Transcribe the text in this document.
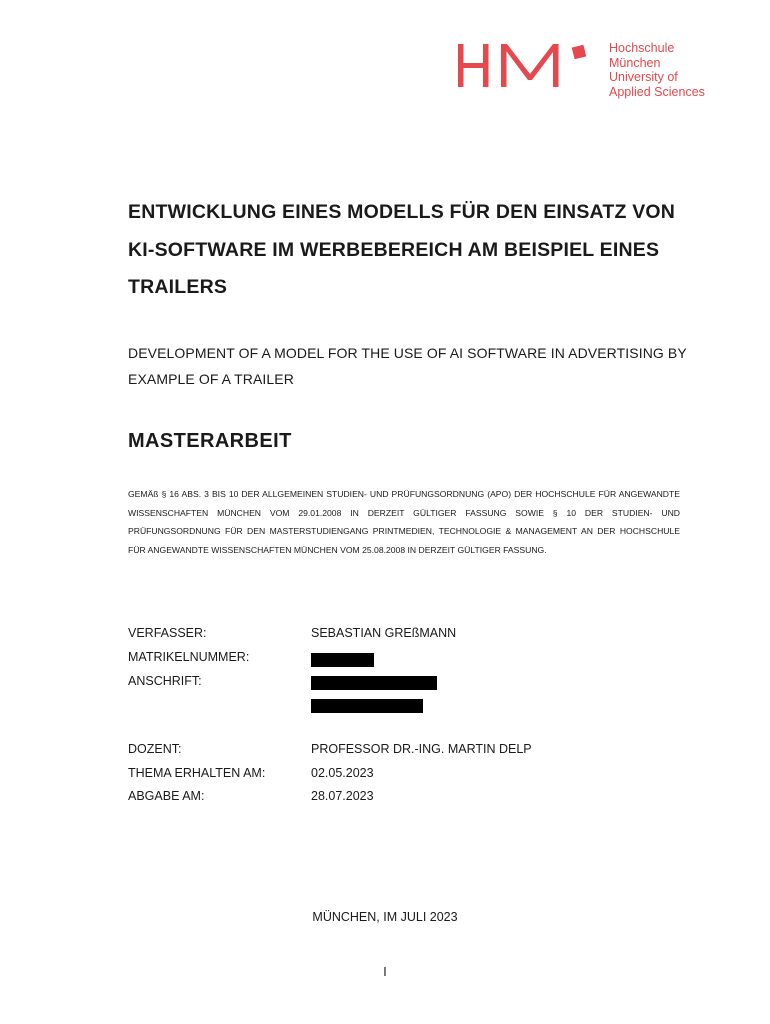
Hochschule
München
University of
Applied Sciences
ENTWICKLUNG EINES MODELLS FÜR DEN EINSATZ VON KI-SOFTWARE IM WERBEBEREICH AM BEISPIEL EINES TRAILERS

DEVELOPMENT OF A MODEL FOR THE USE OF AI SOFTWARE IN ADVERTISING BY EXAMPLE OF A TRAILER

MASTERARBEIT

GEMÄß § 16 ABS. 3 BIS 10 DER ALLGEMEINEN STUDIEN- UND PRÜFUNGSORDNUNG (APO) DER HOCHSCHULE FÜR ANGEWANDTE WISSENSCHAFTEN MÜNCHEN VOM 29.01.2008 IN DERZEIT GÜLTIGER FASSUNG SOWIE § 10 DER STUDIEN- UND PRÜFUNGSORDNUNG FÜR DEN MASTERSTUDIENGANG PRINTMEDIEN, TECHNOLOGIE & MANAGEMENT AN DER HOCHSCHULE FÜR ANGEWANDTE WISSENSCHAFTEN MÜNCHEN VOM 25.08.2008 IN DERZEIT GÜLTIGER FASSUNG.

VERFASSER:	SEBASTIAN GREßMANN
MATRIKELNUMMER:
ANSCHRIFT:
DOZENT:	PROFESSOR DR.-ING. MARTIN DELP
THEMA ERHALTEN AM:	02.05.2023
ABGABE AM:	28.07.2023
MÜNCHEN, IM JULI 2023
I
